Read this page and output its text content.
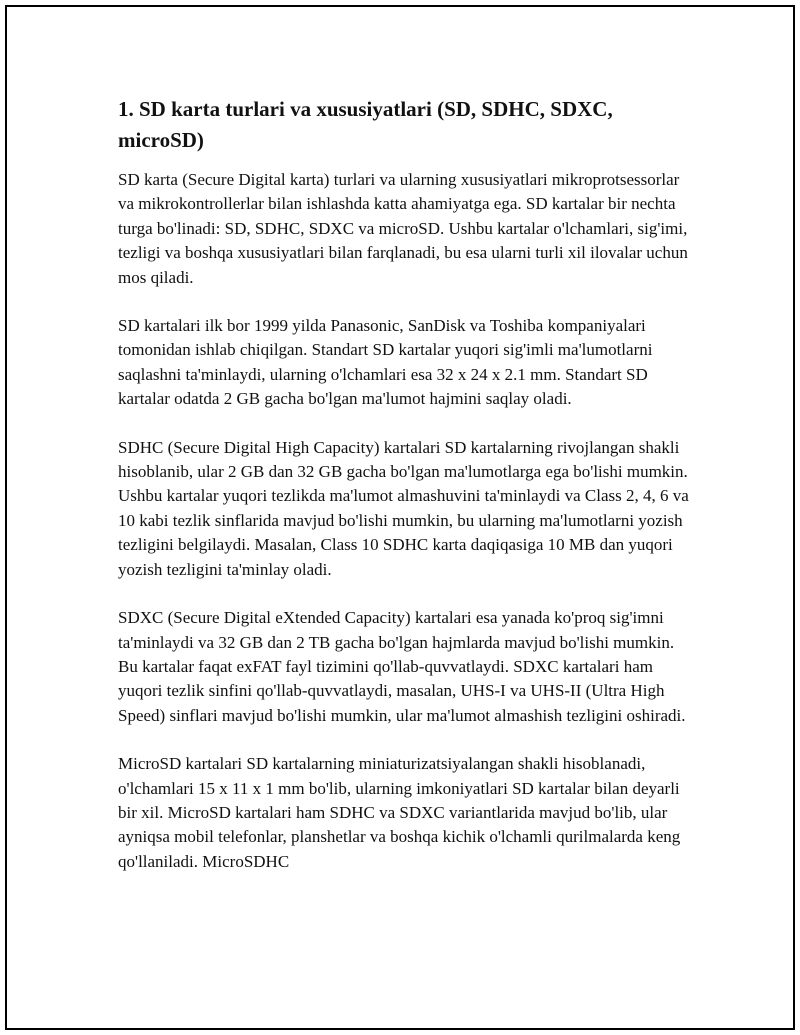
1. SD karta turlari va xususiyatlari (SD, SDHC, SDXC, microSD)

SD karta (Secure Digital karta) turlari va ularning xususiyatlari mikroprotsessorlar va mikrokontrollerlar bilan ishlashda katta ahamiyatga ega. SD kartalar bir nechta turga bo'linadi: SD, SDHC, SDXC va microSD. Ushbu kartalar o'lchamlari, sig'imi, tezligi va boshqa xususiyatlari bilan farqlanadi, bu esa ularni turli xil ilovalar uchun mos qiladi.

SD kartalari ilk bor 1999 yilda Panasonic, SanDisk va Toshiba kompaniyalari tomonidan ishlab chiqilgan. Standart SD kartalar yuqori sig'imli ma'lumotlarni saqlashni ta'minlaydi, ularning o'lchamlari esa 32 x 24 x 2.1 mm. Standart SD kartalar odatda 2 GB gacha bo'lgan ma'lumot hajmini saqlay oladi.

SDHC (Secure Digital High Capacity) kartalari SD kartalarning rivojlangan shakli hisoblanib, ular 2 GB dan 32 GB gacha bo'lgan ma'lumotlarga ega bo'lishi mumkin. Ushbu kartalar yuqori tezlikda ma'lumot almashuvini ta'minlaydi va Class 2, 4, 6 va 10 kabi tezlik sinflarida mavjud bo'lishi mumkin, bu ularning ma'lumotlarni yozish tezligini belgilaydi. Masalan, Class 10 SDHC karta daqiqasiga 10 MB dan yuqori yozish tezligini ta'minlay oladi.

SDXC (Secure Digital eXtended Capacity) kartalari esa yanada ko'proq sig'imni ta'minlaydi va 32 GB dan 2 TB gacha bo'lgan hajmlarda mavjud bo'lishi mumkin. Bu kartalar faqat exFAT fayl tizimini qo'llab-quvvatlaydi. SDXC kartalari ham yuqori tezlik sinfini qo'llab-quvvatlaydi, masalan, UHS-I va UHS-II (Ultra High Speed) sinflari mavjud bo'lishi mumkin, ular ma'lumot almashish tezligini oshiradi.

MicroSD kartalari SD kartalarning miniaturizatsiyalangan shakli hisoblanadi, o'lchamlari 15 x 11 x 1 mm bo'lib, ularning imkoniyatlari SD kartalar bilan deyarli bir xil. MicroSD kartalari ham SDHC va SDXC variantlarida mavjud bo'lib, ular ayniqsa mobil telefonlar, planshetlar va boshqa kichik o'lchamli qurilmalarda keng qo'llaniladi. MicroSDHC
